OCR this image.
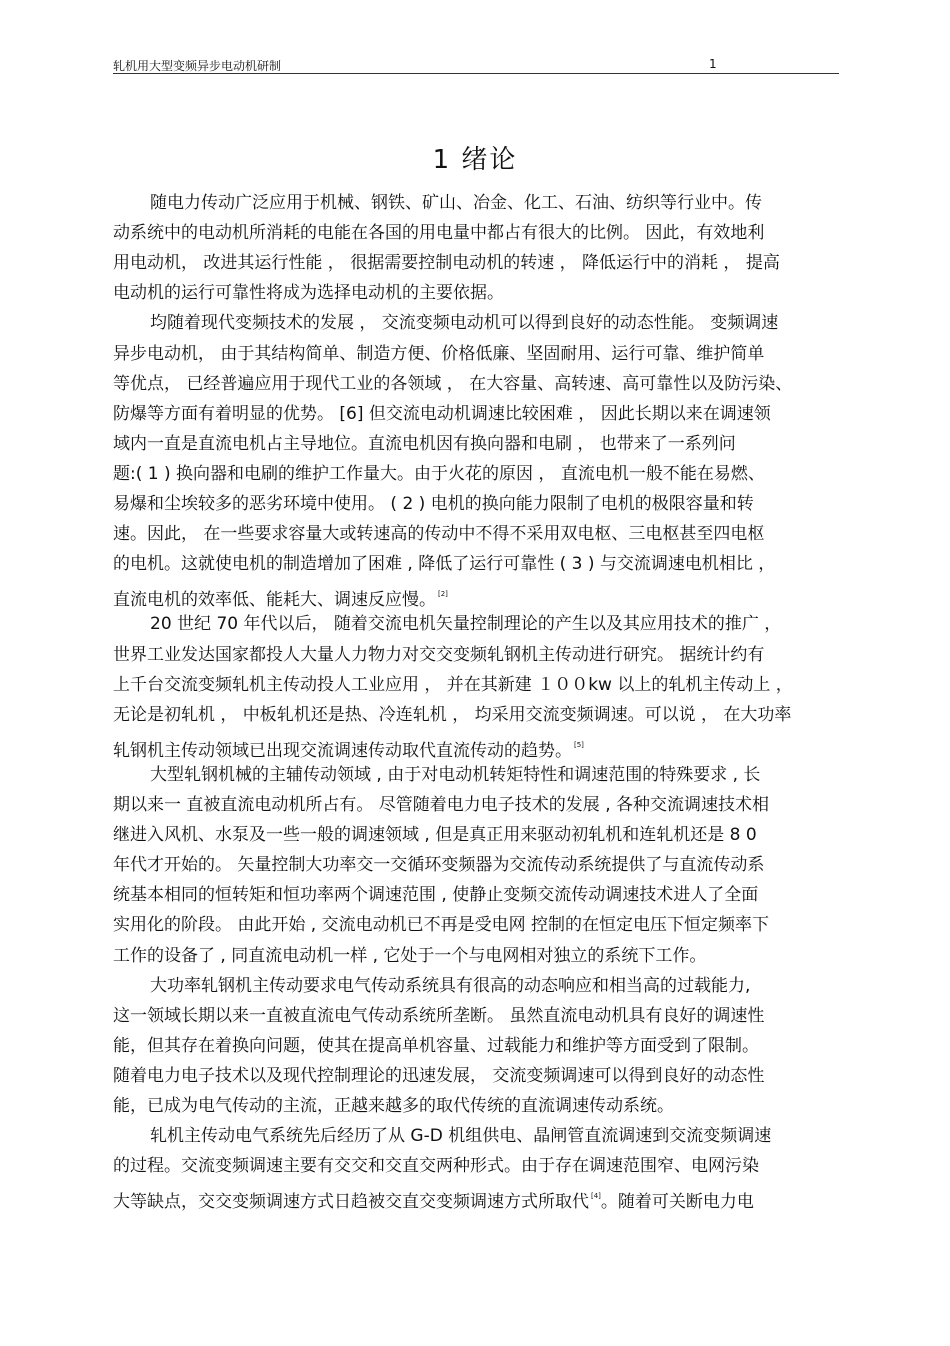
轧机用大型变频异步电动机研制	1
1 绪论
随电力传动广泛应用于机械、钢铁、矿山、冶金、化工、石油、纺织等行业中。传
动系统中的电动机所消耗的电能在各国的用电量中都占有很大的比例。 因此，有效地利
用电动机， 改进其运行性能 ， 很据需要控制电动机的转速 ， 降低运行中的消耗 ， 提高
电动机的运行可靠性将成为选择电动机的主要依据。
均随着现代变频技术的发展 ， 交流变频电动机可以得到良好的动态性能。 变频调速
异步电动机， 由于其结构简单、制造方便、价格低廉、坚固耐用、运行可靠、维护简单
等优点， 已经普遍应用于现代工业的各领域 ， 在大容量、高转速、高可靠性以及防污染、
防爆等方面有着明显的优势。 [6] 但交流电动机调速比较困难 ， 因此长期以来在调速领
域内一直是直流电机占主导地位。直流电机因有换向器和电刷 ， 也带来了一系列问
题:( 1 ) 换向器和电刷的维护工作量大。由于火花的原因 ， 直流电机一般不能在易燃、
易爆和尘埃较多的恶劣环境中使用。 ( 2 ) 电机的换向能力限制了电机的极限容量和转
速。因此， 在一些要求容量大或转速高的传动中不得不采用双电枢、三电枢甚至四电枢
的电机。这就使电机的制造增加了困难 , 降低了运行可靠性 ( 3 ) 与交流调速电机相比 ，
直流电机的效率低、能耗大、调速反应慢。 [2]
20 世纪 70 年代以后， 随着交流电机矢量控制理论的产生以及其应用技术的推广 ，
世界工业发达国家都投人大量人力物力对交交变频轧钢机主传动进行研究。 据统计约有
上千台交流变频轧机主传动投人工业应用 ， 并在其新建 １００kw 以上的轧机主传动上 ，
无论是初轧机 ， 中板轧机还是热、冷连轧机 ， 均采用交流变频调速。可以说 ， 在大功率
轧钢机主传动领域已出现交流调速传动取代直流传动的趋势。 [5]
大型轧钢机械的主辅传动领域 , 由于对电动机转矩特性和调速范围的特殊要求 , 长
期以来一 直被直流电动机所占有。 尽管随着电力电子技术的发展 , 各种交流调速技术相
继进入风机、水泵及一些一般的调速领域 , 但是真正用来驱动初轧机和连轧机还是 8 0
年代才开始的。 矢量控制大功率交一交循环变频器为交流传动系统提供了与直流传动系
统基本相同的恒转矩和恒功率两个调速范围 , 使静止变频交流传动调速技术进人了全面
实用化的阶段。 由此开始 , 交流电动机已不再是受电网 控制的在恒定电压下恒定频率下
工作的设备了 , 同直流电动机一样 , 它处于一个与电网相对独立的系统下工作。
大功率轧钢机主传动要求电气传动系统具有很高的动态响应和相当高的过载能力,
这一领域长期以来一直被直流电气传动系统所垄断。 虽然直流电动机具有良好的调速性
能，但其存在着换向问题，使其在提高单机容量、过载能力和维护等方面受到了限制。
随着电力电子技术以及现代控制理论的迅速发展， 交流变频调速可以得到良好的动态性
能，已成为电气传动的主流，正越来越多的取代传统的直流调速传动系统。
轧机主传动电气系统先后经历了从 G-D 机组供电、晶闸管直流调速到交流变频调速
的过程。交流变频调速主要有交交和交直交两种形式。由于存在调速范围窄、电网污染
大等缺点，交交变频调速方式日趋被交直交变频调速方式所取代 [4]。随着可关断电力电
